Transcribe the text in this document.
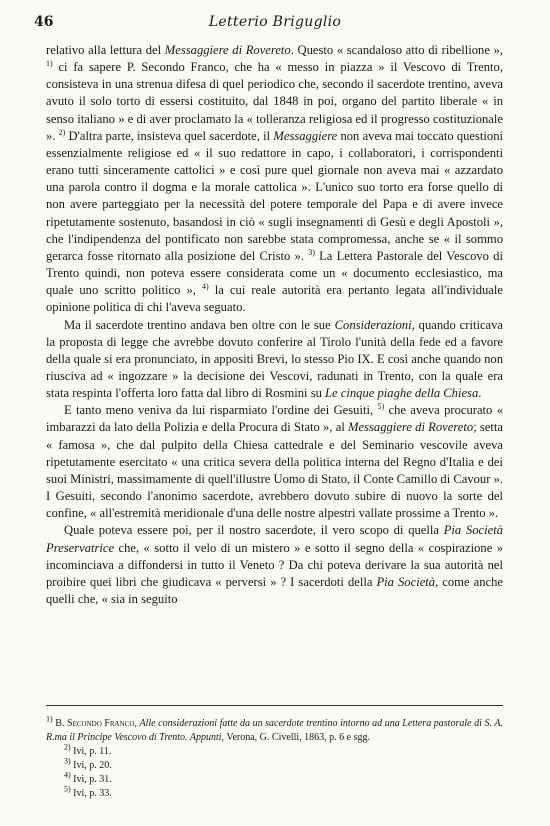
46	Letterio Briguglio

relativo alla lettura del Messaggiere di Rovereto. Questo « scandaloso atto di ribellione », $^{1)}$ ci fa sapere P. Secondo Franco, che ha « messo in piazza » il Vescovo di Trento, consisteva in una strenua difesa di quel periodico che, secondo il sacerdote trentino, aveva avuto il solo torto di essersi costituito, dal 1848 in poi, organo del partito liberale « in senso italiano » e di aver proclamato la « tolleranza religiosa ed il progresso costituzionale ». $^{2)}$ D'altra parte, insisteva quel sacerdote, il Messaggiere non aveva mai toccato questioni essenzialmente religiose ed « il suo redattore in capo, i collaboratori, i corrispondenti erano tutti sinceramente cattolici » e così pure quel giornale non aveva mai « azzardato una parola contro il dogma e la morale cattolica ». L'unico suo torto era forse quello di non avere parteggiato per la necessità del potere temporale del Papa e di avere invece ripetutamente sostenuto, basandosi in ciò « sugli insegnamenti di Gesù e degli Apostoli », che l'indipendenza del pontificato non sarebbe stata compromessa, anche se « il sommo gerarca fosse ritornato alla posizione del Cristo ». $^{3)}$ La Lettera Pastorale del Vescovo di Trento quindi, non poteva essere considerata come un « documento ecclesiastico, ma quale uno scritto politico », $^{4)}$ la cui reale autorità era pertanto legata all'individuale opinione politica di chi l'aveva seguato.

Ma il sacerdote trentino andava ben oltre con le sue Considerazioni, quando criticava la proposta di legge che avrebbe dovuto conferire al Tirolo l'unità della fede ed a favore della quale si era pronunciato, in appositi Brevi, lo stesso Pio IX. E così anche quando non riusciva ad « ingozzare » la decisione dei Vescovi, radunati in Trento, con la quale era stata respinta l'offerta loro fatta dal libro di Rosmini su Le cinque piaghe della Chiesa.

E tanto meno veniva da lui risparmiato l'ordine dei Gesuiti, $^{5)}$ che aveva procurato « imbarazzi da lato della Polizia e della Procura di Stato », al Messaggiere di Rovereto; setta « famosa », che dal pulpito della Chiesa cattedrale e del Seminario vescovile aveva ripetutamente esercitato « una critica severa della politica interna del Regno d'Italia e dei suoi Ministri, massimamente di quell'illustre Uomo di Stato, il Conte Camillo di Cavour ». I Gesuiti, secondo l'anonimo sacerdote, avrebbero dovuto subire di nuovo la sorte del confine, « all'estremità meridionale d'una delle nostre alpestri vallate prossime a Trento ».

Quale poteva essere poi, per il nostro sacerdote, il vero scopo di quella Pia Società Preservatrice che, « sotto il velo di un mistero » e sotto il segno della « cospirazione » incominciava a diffondersi in tutto il Veneto ? Da chi poteva derivare la sua autorità nel proibire quei libri che giudicava « perversi » ? I sacerdoti della Pia Società, come anche quelli che, « sia in seguito

$^{1)}$ B. Secondo Franco, Alle considerazioni fatte da un sacerdote trentino intorno ad una Lettera pastorale di S. A. R.ma il Principe Vescovo di Trento. Appunti, Verona, G. Civelli, 1863, p. 6 e sgg.

$^{2)}$ Ivi, p. 11.

$^{3)}$ Ivi, p. 20.

$^{4)}$ Ivi, p. 31.

$^{5)}$ Ivi, p. 33.
